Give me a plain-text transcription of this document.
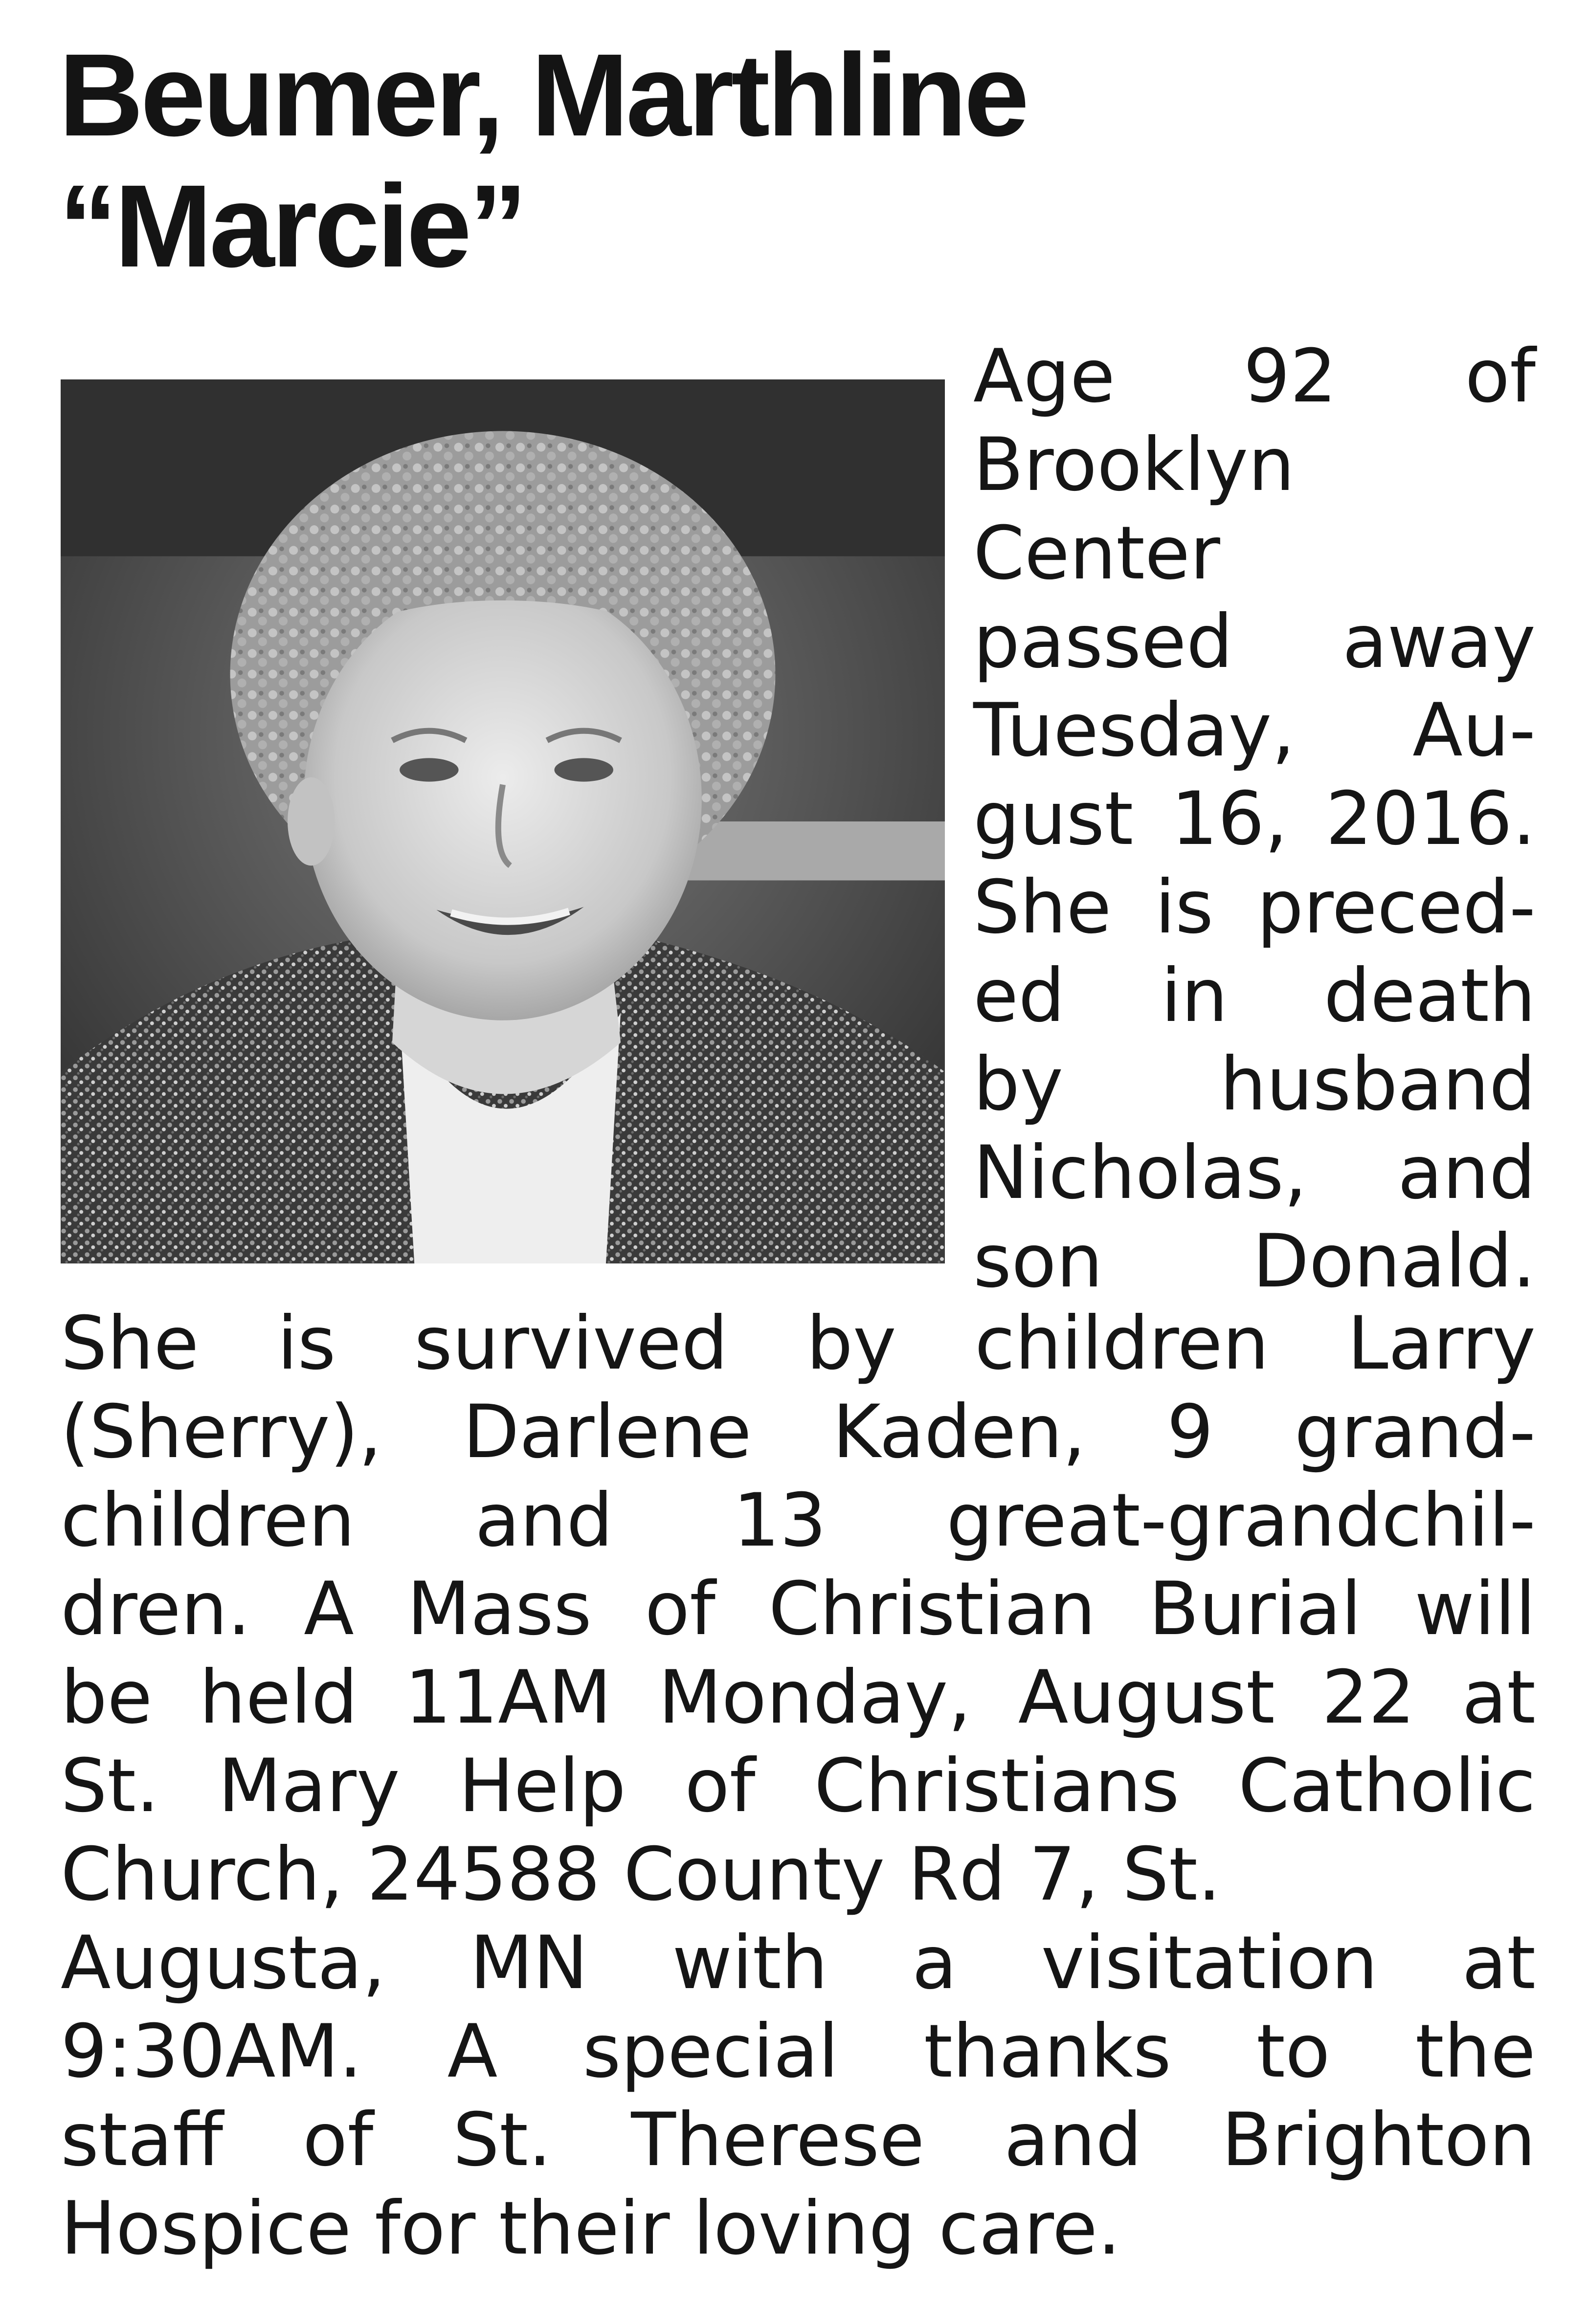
Beumer, Marthline
“Marcie”
Age 92 of
Brooklyn
Center
passed away
Tuesday, Au-
gust 16, 2016.
She is preced-
ed in death
by husband
Nicholas, and
son Donald.
She is survived by children Larry
(Sherry), Darlene Kaden, 9 grand-
children and 13 great-grandchil-
dren. A Mass of Christian Burial will
be held 11AM Monday, August 22 at
St. Mary Help of Christians Catholic
Church, 24588 County Rd 7, St.
Augusta, MN with a visitation at
9:30AM. A special thanks to the
staff of St. Therese and Brighton
Hospice for their loving care.
